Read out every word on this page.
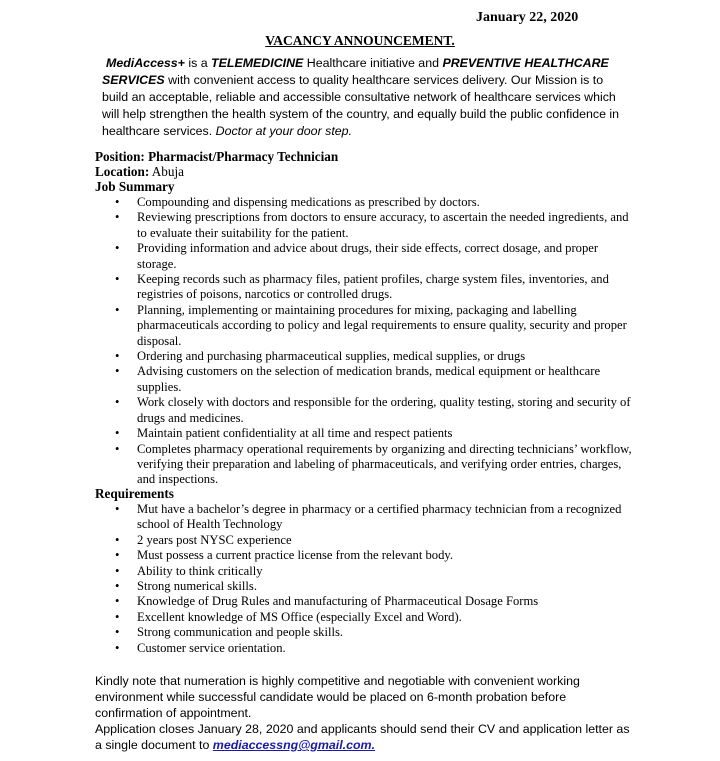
January 22, 2020
VACANCY ANNOUNCEMENT.
MediAccess+ is a TELEMEDICINE Healthcare initiative and PREVENTIVE HEALTHCARE SERVICES with convenient access to quality healthcare services delivery. Our Mission is to build an acceptable, reliable and accessible consultative network of healthcare services which will help strengthen the health system of the country, and equally build the public confidence in healthcare services. Doctor at your door step.
Position: Pharmacist/Pharmacy Technician
Location: Abuja
Job Summary
• Compounding and dispensing medications as prescribed by doctors.
• Reviewing prescriptions from doctors to ensure accuracy, to ascertain the needed ingredients, and to evaluate their suitability for the patient.
• Providing information and advice about drugs, their side effects, correct dosage, and proper storage.
• Keeping records such as pharmacy files, patient profiles, charge system files, inventories, and registries of poisons, narcotics or controlled drugs.
• Planning, implementing or maintaining procedures for mixing, packaging and labelling pharmaceuticals according to policy and legal requirements to ensure quality, security and proper disposal.
• Ordering and purchasing pharmaceutical supplies, medical supplies, or drugs
• Advising customers on the selection of medication brands, medical equipment or healthcare supplies.
• Work closely with doctors and responsible for the ordering, quality testing, storing and security of drugs and medicines.
• Maintain patient confidentiality at all time and respect patients
• Completes pharmacy operational requirements by organizing and directing technicians’ workflow, verifying their preparation and labeling of pharmaceuticals, and verifying order entries, charges, and inspections.
Requirements
• Mut have a bachelor’s degree in pharmacy or a certified pharmacy technician from a recognized school of Health Technology
• 2 years post NYSC experience
• Must possess a current practice license from the relevant body.
• Ability to think critically
• Strong numerical skills.
• Knowledge of Drug Rules and manufacturing of Pharmaceutical Dosage Forms
• Excellent knowledge of MS Office (especially Excel and Word).
• Strong communication and people skills.
• Customer service orientation.
Kindly note that numeration is highly competitive and negotiable with convenient working environment while successful candidate would be placed on 6-month probation before confirmation of appointment.
Application closes January 28, 2020 and applicants should send their CV and application letter as a single document to mediaccessng@gmail.com.
